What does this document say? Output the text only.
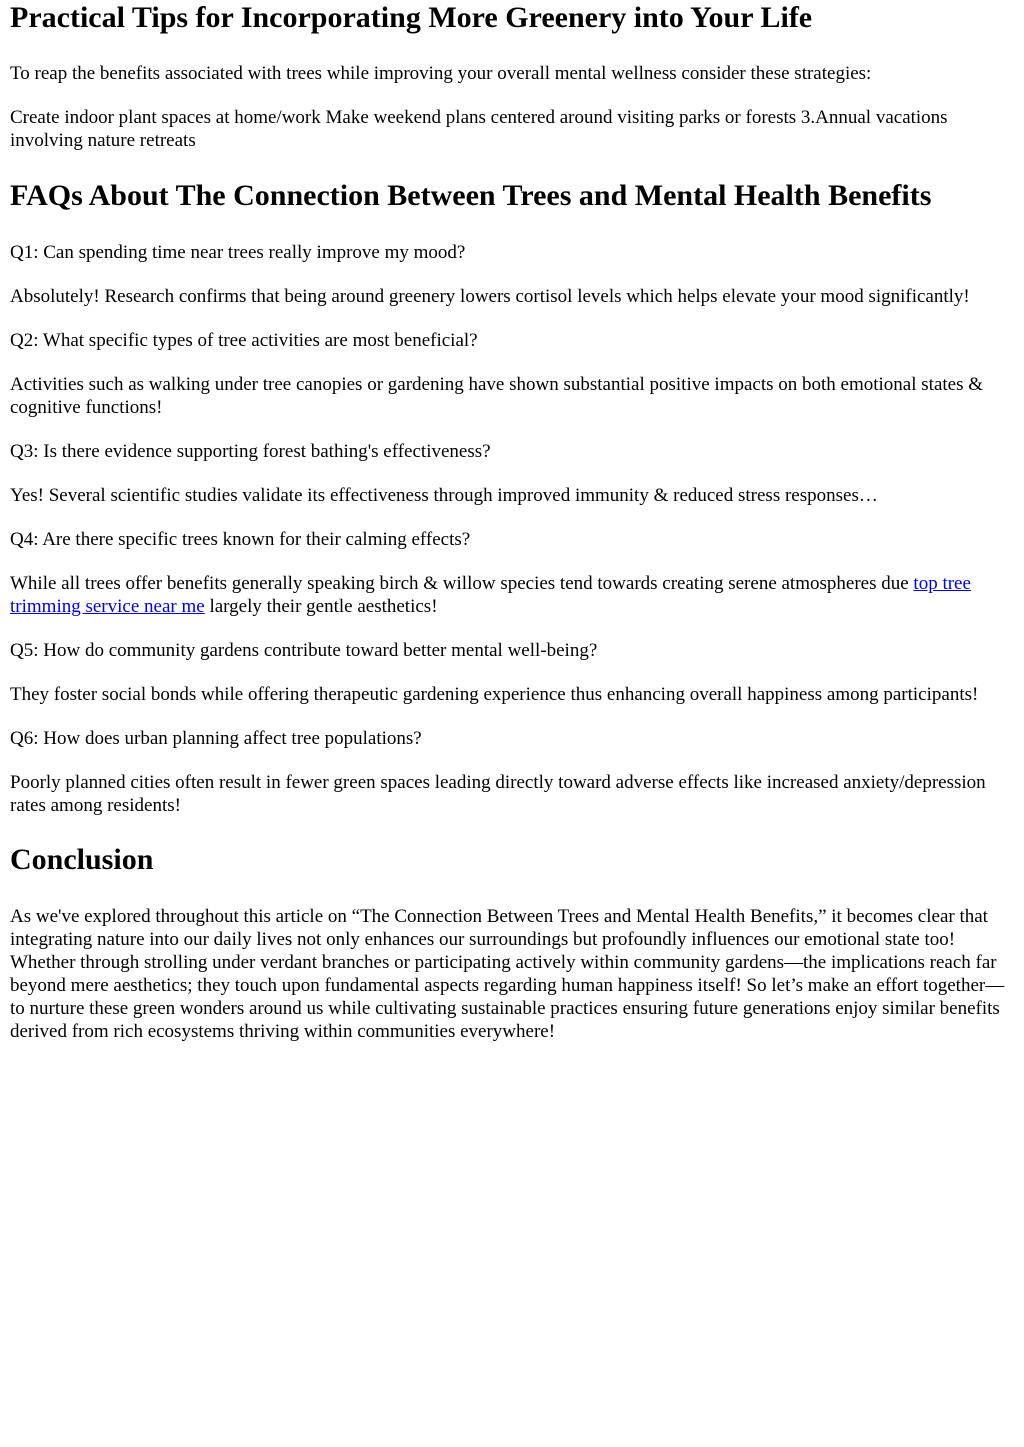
Practical Tips for Incorporating More Greenery into Your Life

To reap the benefits associated with trees while improving your overall mental wellness consider these strategies:

Create indoor plant spaces at home/work Make weekend plans centered around visiting parks or forests 3.Annual vacations involving nature retreats

FAQs About The Connection Between Trees and Mental Health Benefits

Q1: Can spending time near trees really improve my mood?

Absolutely! Research confirms that being around greenery lowers cortisol levels which helps elevate your mood significantly!

Q2: What specific types of tree activities are most beneficial?

Activities such as walking under tree canopies or gardening have shown substantial positive impacts on both emotional states & cognitive functions!

Q3: Is there evidence supporting forest bathing's effectiveness?

Yes! Several scientific studies validate its effectiveness through improved immunity & reduced stress responses…

Q4: Are there specific trees known for their calming effects?

While all trees offer benefits generally speaking birch & willow species tend towards creating serene atmospheres due top tree trimming service near me largely their gentle aesthetics!

Q5: How do community gardens contribute toward better mental well-being?

They foster social bonds while offering therapeutic gardening experience thus enhancing overall happiness among participants!

Q6: How does urban planning affect tree populations?

Poorly planned cities often result in fewer green spaces leading directly toward adverse effects like increased anxiety/depression rates among residents!

Conclusion

As we've explored throughout this article on “The Connection Between Trees and Mental Health Benefits,” it becomes clear that integrating nature into our daily lives not only enhances our surroundings but profoundly influences our emotional state too! Whether through strolling under verdant branches or participating actively within community gardens—the implications reach far beyond mere aesthetics; they touch upon fundamental aspects regarding human happiness itself! So let’s make an effort together—to nurture these green wonders around us while cultivating sustainable practices ensuring future generations enjoy similar benefits derived from rich ecosystems thriving within communities everywhere!
